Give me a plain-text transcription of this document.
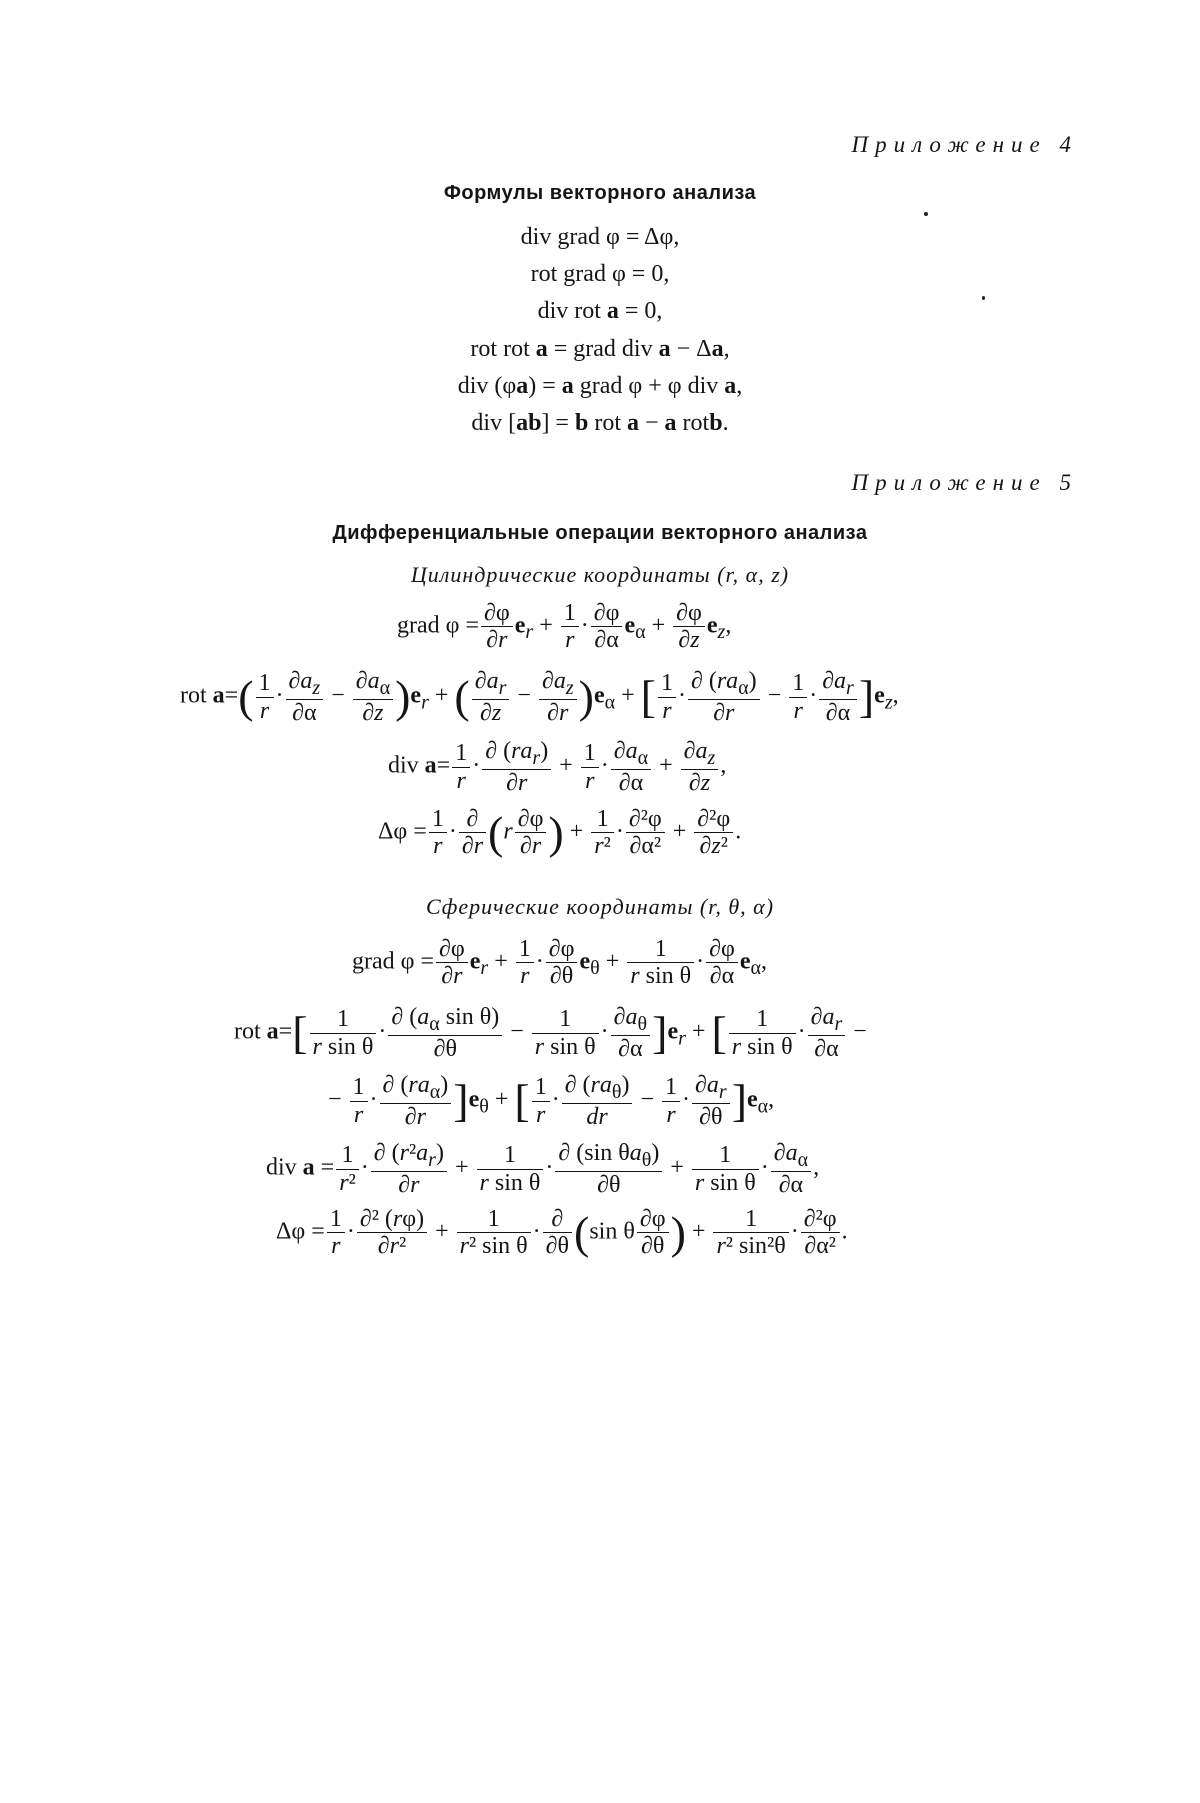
Приложение 4
Формулы векторного анализа
div grad φ = Δφ,
rot grad φ = 0,
div rot a = 0,
rot rot a = grad div a − Δa,
div (φa) = a grad φ + φ div a,
div [ab] = b rot a − a rotb.
Приложение 5
Дифференциальные операции векторного анализа
Цилиндрические координаты (r, α, z)
grad $\varphi = \frac{\partial\varphi}{\partial r} e_r + \frac{1}{r} \cdot \frac{\partial\varphi}{\partial\alpha} e_\alpha + \frac{\partial\varphi}{\partial z} e_z$,
rot $a=( \frac{1}{r} \cdot \frac{\partial a_z}{\partial\alpha} - \frac{\partial a_\alpha}{\partial z} )e_r$ + ( $\frac{\partial a_r}{\partial z} - \frac{\partial a_z}{\partial r} )e_\alpha$ + [ $\frac{1}{r}$ ·
∂ $(ra_\alpha)$
∂r
− $\frac{1}{r} \cdot \frac{\partial a_r}{\partial\alpha} ]e_z$,
div $a= \frac{1}{r}$ ·
∂ $(ra_r)$
∂r
+ $\frac{1}{r} \cdot \frac{\partial a_\alpha}{\partial\alpha} + \frac{\partial a_z}{\partial z}$ ,
$\Delta\varphi = \frac{1}{r}$ · ∂
∂r ($r \frac{\partial\varphi}{\partial r}$ ) + $\frac{1}{\text{r²}} \cdot \frac{\text{∂²φ}}{\text{∂α²}} + \frac{\text{∂²φ}}{\text{∂z²}}$ .
Сферические координаты (r, θ, α)
grad $\varphi = \frac{\partial\varphi}{\partial r} e_r + \frac{1}{r} \cdot \frac{\partial\varphi}{\partial\theta} e_\theta + \frac{1}{\text{r sin θ}} \cdot \frac{\partial\varphi}{\partial\alpha} e_\alpha$,
rot $a=[ \frac{1}{\text{r sin θ}} \cdot \frac{\partial (a_\alpha \sin \theta)}{\partial\theta} - \frac{1}{\text{r sin θ}} \cdot \frac{\partial a_\theta}{\partial\alpha} ]e_r$ + [ $\frac{1}{\text{r sin θ}} \cdot \frac{\partial a_r}{\partial\alpha}$ −
− $\frac{1}{r}$ ·
∂ $(ra_\alpha)$
∂r ]$e_\theta$ + [ $\frac{1}{r}$ ·
∂ $(ra_\theta)$
dr
− $\frac{1}{r} \cdot \frac{\partial a_r}{\partial\theta} ]e_\alpha$,
div $a = \frac{1}{\text{r²}} \cdot \frac{\partial (r^2a_r)}{\partial r} + \frac{1}{\text{r sin θ}}$ ·
∂ (sin $\theta a_\theta$)
∂θ
+ $\frac{1}{\text{r sin θ}} \cdot \frac{\partial a_\alpha}{\partial\alpha}$ ,
$\Delta\varphi = \frac{1}{r} \cdot \frac{\text{∂² (rφ)}}{\text{∂r²}} + \frac{1}{\text{r² sin θ}}$ · ∂
∂θ (sin θ $\frac{\partial\varphi}{\partial\theta}$ ) + $\frac{1}{\text{r² sin²θ}} \cdot \frac{\text{∂²φ}}{\text{∂α²}}$ .
